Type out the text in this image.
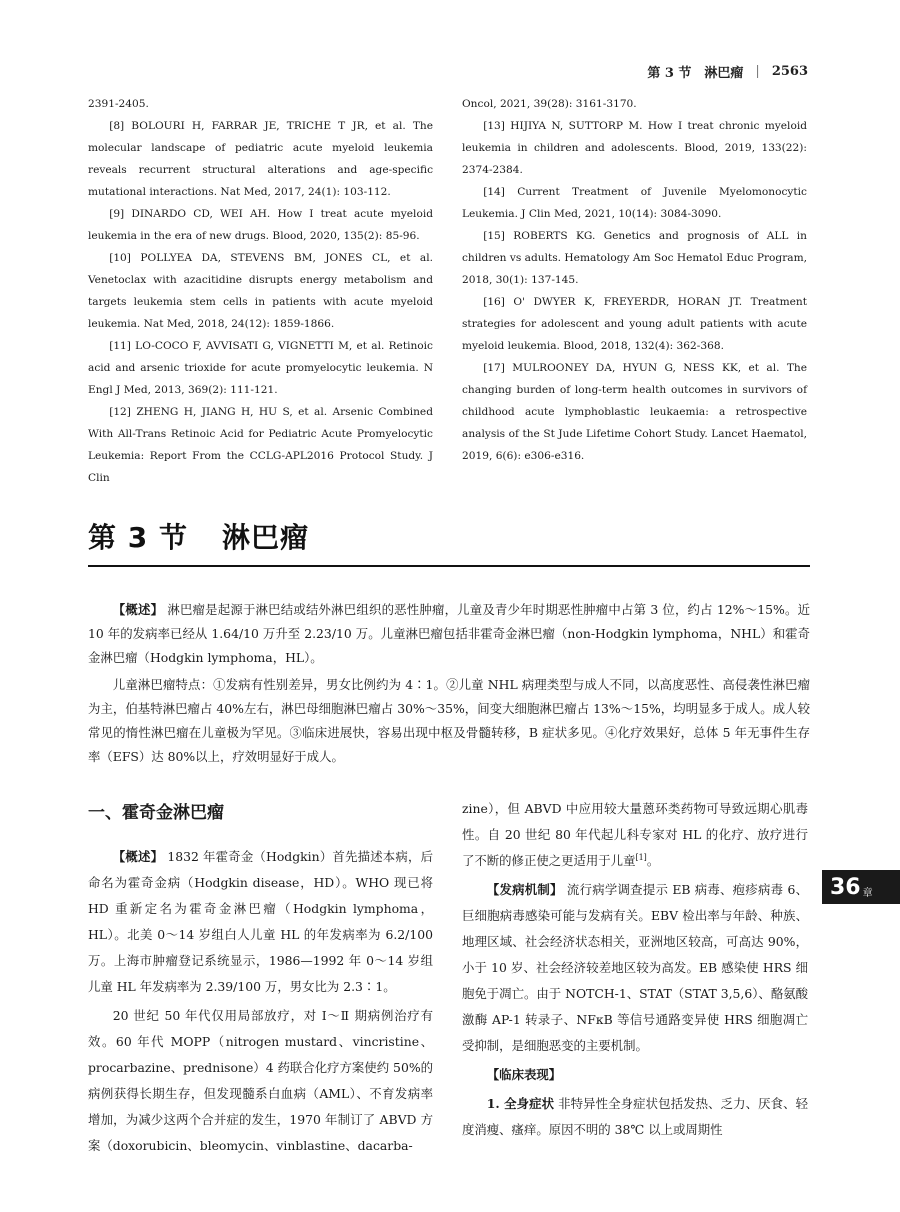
第 3 节　淋巴瘤 | 2563

2391-2405.

[8] BOLOURI H, FARRAR JE, TRICHE T JR, et al. The molecular landscape of pediatric acute myeloid leukemia reveals recurrent structural alterations and age-specific mutational interactions. Nat Med, 2017, 24(1): 103-112.

[9] DINARDO CD, WEI AH. How I treat acute myeloid leukemia in the era of new drugs. Blood, 2020, 135(2): 85-96.

[10] POLLYEA DA, STEVENS BM, JONES CL, et al. Venetoclax with azacitidine disrupts energy metabolism and targets leukemia stem cells in patients with acute myeloid leukemia. Nat Med, 2018, 24(12): 1859-1866.

[11] LO-COCO F, AVVISATI G, VIGNETTI M, et al. Retinoic acid and arsenic trioxide for acute promyelocytic leukemia. N Engl J Med, 2013, 369(2): 111-121.

[12] ZHENG H, JIANG H, HU S, et al. Arsenic Combined With All-Trans Retinoic Acid for Pediatric Acute Promyelocytic Leukemia: Report From the CCLG-APL2016 Protocol Study. J Clin

Oncol, 2021, 39(28): 3161-3170.

[13] HIJIYA N, SUTTORP M. How I treat chronic myeloid leukemia in children and adolescents. Blood, 2019, 133(22): 2374-2384.

[14] Current Treatment of Juvenile Myelomonocytic Leukemia. J Clin Med, 2021, 10(14): 3084-3090.

[15] ROBERTS KG. Genetics and prognosis of ALL in children vs adults. Hematology Am Soc Hematol Educ Program, 2018, 30(1): 137-145.

[16] O' DWYER K, FREYERDR, HORAN JT. Treatment strategies for adolescent and young adult patients with acute myeloid leukemia. Blood, 2018, 132(4): 362-368.

[17] MULROONEY DA, HYUN G, NESS KK, et al. The changing burden of long-term health outcomes in survivors of childhood acute lymphoblastic leukaemia: a retrospective analysis of the St Jude Lifetime Cohort Study. Lancet Haematol, 2019, 6(6): e306-e316.

第 3 节 淋巴瘤

【概述】 淋巴瘤是起源于淋巴结或结外淋巴组织的恶性肿瘤，儿童及青少年时期恶性肿瘤中占第 3 位，约占 12%～15%。近 10 年的发病率已经从 1.64/10 万升至 2.23/10 万。儿童淋巴瘤包括非霍奇金淋巴瘤（non-Hodgkin lymphoma，NHL）和霍奇金淋巴瘤（Hodgkin lymphoma，HL）。

儿童淋巴瘤特点：①发病有性别差异，男女比例约为 4∶1。②儿童 NHL 病理类型与成人不同，以高度恶性、高侵袭性淋巴瘤为主，伯基特淋巴瘤占 40%左右，淋巴母细胞淋巴瘤占 30%～35%，间变大细胞淋巴瘤占 13%～15%，均明显多于成人。成人较常见的惰性淋巴瘤在儿童极为罕见。③临床进展快，容易出现中枢及骨髓转移，B 症状多见。④化疗效果好，总体 5 年无事件生存率（EFS）达 80%以上，疗效明显好于成人。

一、霍奇金淋巴瘤

【概述】 1832 年霍奇金（Hodgkin）首先描述本病，后命名为霍奇金病（Hodgkin disease，HD）。WHO 现已将 HD 重新定名为霍奇金淋巴瘤（Hodgkin lymphoma，HL）。北美 0～14 岁组白人儿童 HL 的年发病率为 6.2/100 万。上海市肿瘤登记系统显示，1986—1992 年 0～14 岁组儿童 HL 年发病率为 2.39/100 万，男女比为 2.3∶1。

20 世纪 50 年代仅用局部放疗，对 Ⅰ～Ⅱ 期病例治疗有效。60 年代 MOPP（nitrogen mustard、vincristine、procarbazine、prednisone）4 药联合化疗方案使约 50%的病例获得长期生存，但发现髓系白血病（AML）、不育发病率增加，为减少这两个合并症的发生，1970 年制订了 ABVD 方案（doxorubicin、bleomycin、vinblastine、dacarba-

zine），但 ABVD 中应用较大量蒽环类药物可导致远期心肌毒性。自 20 世纪 80 年代起儿科专家对 HL 的化疗、放疗进行了不断的修正使之更适用于儿童[1]。

【发病机制】 流行病学调查提示 EB 病毒、疱疹病毒 6、巨细胞病毒感染可能与发病有关。EBV 检出率与年龄、种族、地理区域、社会经济状态相关，亚洲地区较高，可高达 90%，小于 10 岁、社会经济较差地区较为高发。EB 感染使 HRS 细胞免于凋亡。由于 NOTCH-1、STAT（STAT 3,5,6）、酪氨酸激酶 AP-1 转录子、NFκB 等信号通路变异使 HRS 细胞凋亡受抑制，是细胞恶变的主要机制。

【临床表现】

1. 全身症状 非特异性全身症状包括发热、乏力、厌食、轻度消瘦、瘙痒。原因不明的 38℃ 以上或周期性

36 章
